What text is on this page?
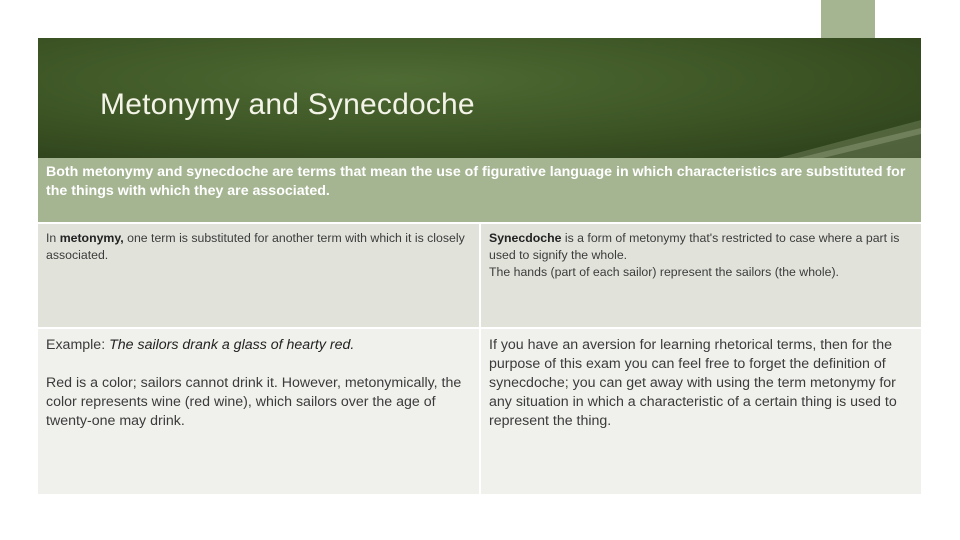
Metonymy and Synecdoche
Both metonymy and synecdoche are terms that mean the use of figurative language in which characteristics are substituted for the things with which they are associated.
In metonymy, one term is substituted for another term with which it is closely associated.
Synecdoche is a form of metonymy that's restricted to case where a part is used to signify the whole.
The hands (part of each sailor) represent the sailors (the whole).
Example: The sailors drank a glass of hearty red.
Red is a color; sailors cannot drink it. However, metonymically, the color represents wine (red wine), which sailors over the age of twenty-one may drink.
If you have an aversion for learning rhetorical terms, then for the purpose of this exam you can feel free to forget the definition of synecdoche; you can get away with using the term metonymy for any situation in which a characteristic of a certain thing is used to represent the thing.
